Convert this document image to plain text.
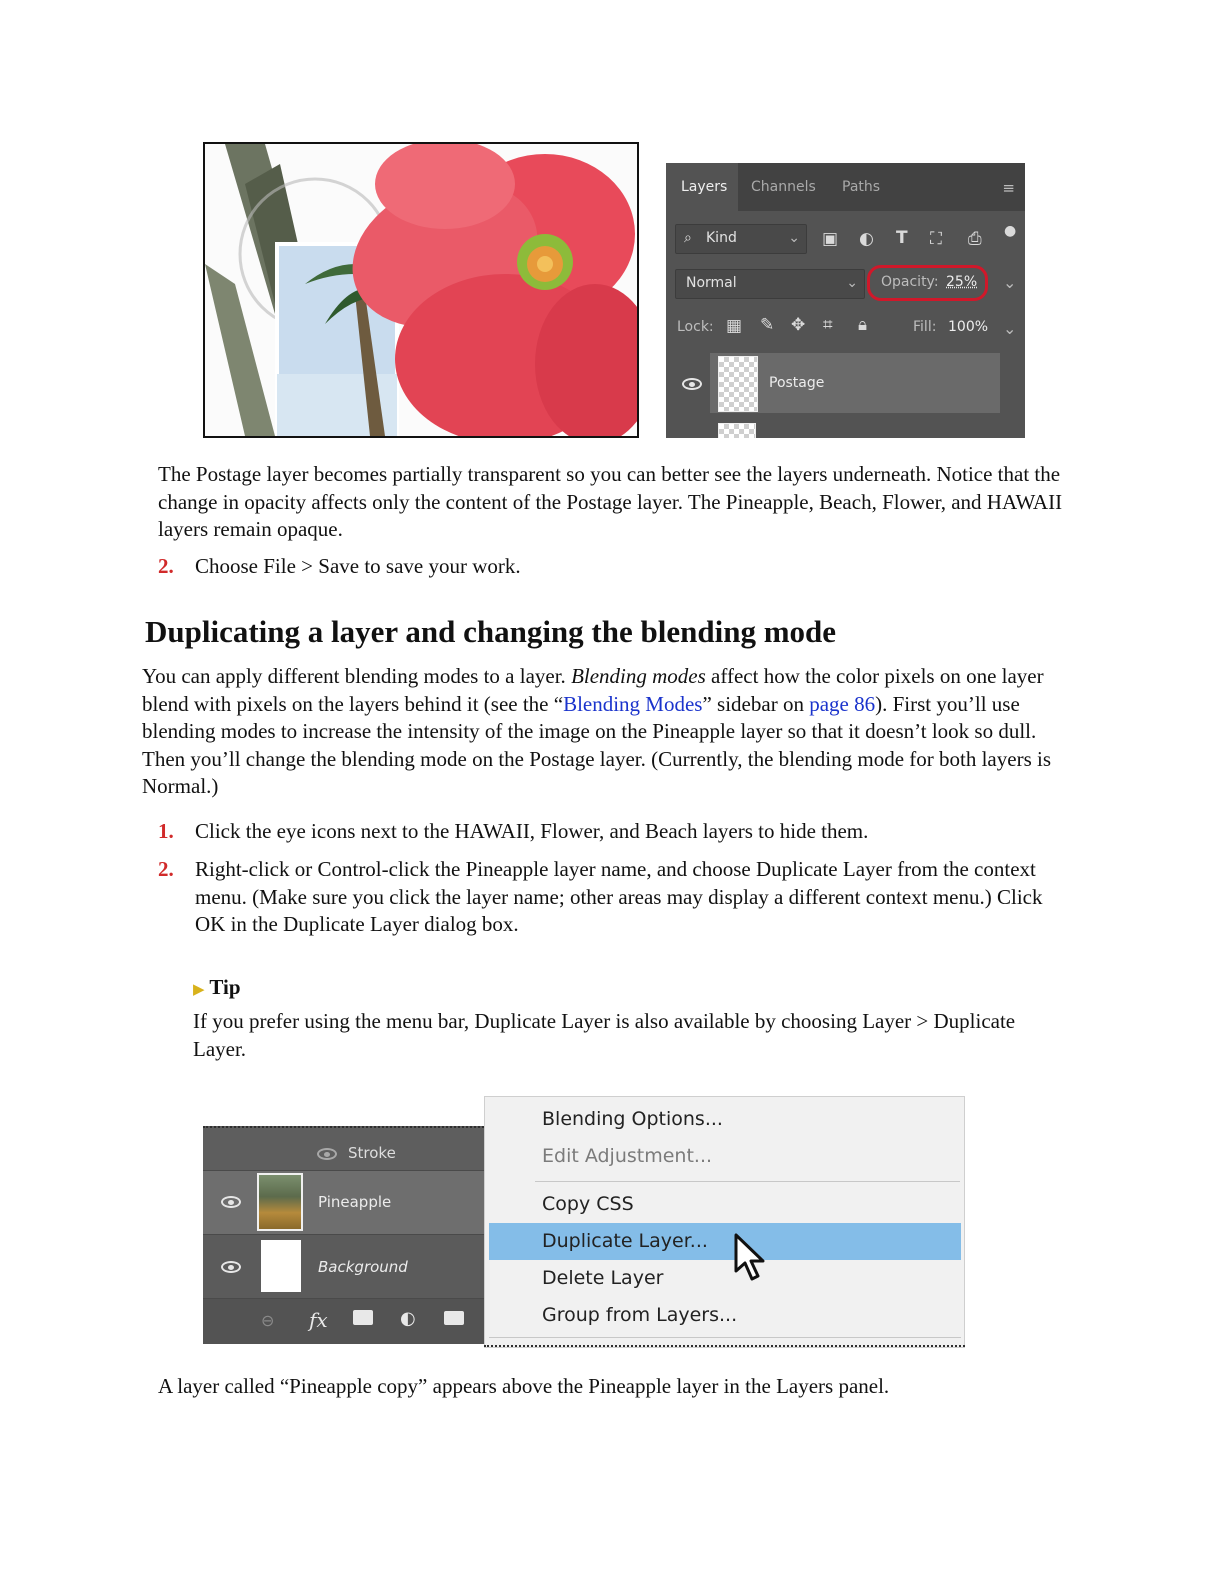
Layers Channels Paths	≡
⌕ Kind	⌄ ▣ ◐ T ⛶ ⎙ ●
Normal	⌄ Opacity: 25% ⌄
Lock: ▦ ✎ ✥ ⌗ 🔒︎	Fill: 100% ⌄
Postage
The Postage layer becomes partially transparent so you can better see the layers underneath. Notice that the change in opacity affects only the content of the Postage layer. The Pineapple, Beach, Flower, and HAWAII layers remain opaque.
2. Choose File > Save to save your work.
Duplicating a layer and changing the blending mode
You can apply different blending modes to a layer. Blending modes affect how the color pixels on one layer blend with pixels on the layers behind it (see the “Blending Modes” sidebar on page 86). First you’ll use blending modes to increase the intensity of the image on the Pineapple layer so that it doesn’t look so dull. Then you’ll change the blending mode on the Postage layer. (Currently, the blending mode for both layers is Normal.)
1. Click the eye icons next to the HAWAII, Flower, and Beach layers to hide them.
2. Right-click or Control-click the Pineapple layer name, and choose Duplicate Layer from the context menu. (Make sure you click the layer name; other areas may display a different context menu.) Click OK in the Duplicate Layer dialog box.
▶ Tip
If you prefer using the menu bar, Duplicate Layer is also available by choosing Layer > Duplicate Layer.
Stroke
Pineapple
Background
⊖ fx	◐
Blending Options...
Edit Adjustment...
Copy CSS
Duplicate Layer...
Delete Layer
Group from Layers...
A layer called “Pineapple copy” appears above the Pineapple layer in the Layers panel.
